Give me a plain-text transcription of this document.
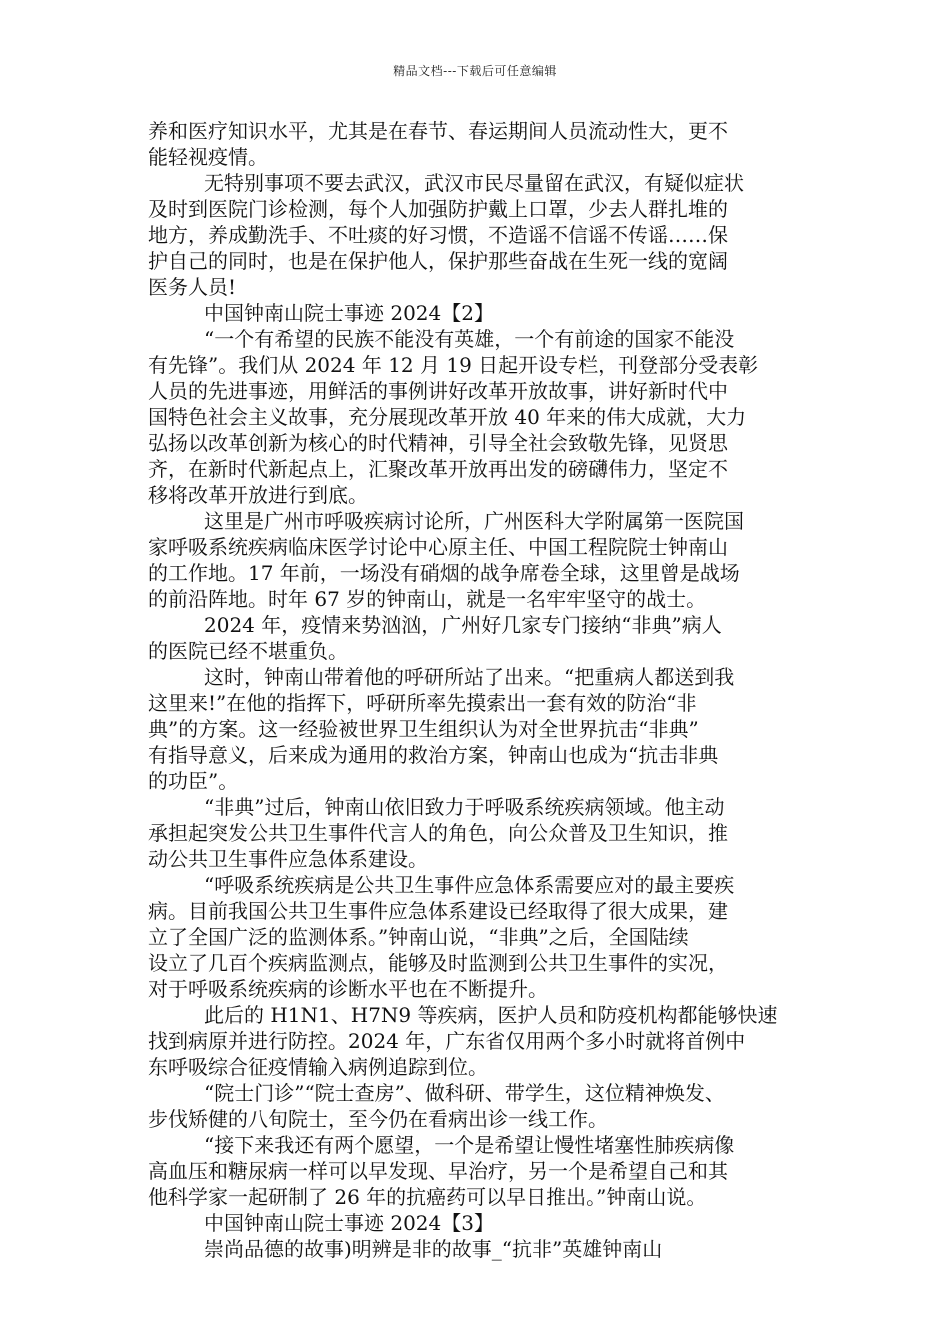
精品文档---下载后可任意编辑
养和医疗知识水平，尤其是在春节、春运期间人员流动性大，更不
能轻视疫情。
无特别事项不要去武汉，武汉市民尽量留在武汉，有疑似症状
及时到医院门诊检测，每个人加强防护戴上口罩，少去人群扎堆的
地方，养成勤洗手、不吐痰的好习惯，不造谣不信谣不传谣……保
护自己的同时，也是在保护他人，保护那些奋战在生死一线的宽阔
医务人员!
中国钟南山院士事迹 2024【2】
“一个有希望的民族不能没有英雄，一个有前途的国家不能没
有先锋”。我们从 2024 年 12 月 19 日起开设专栏，刊登部分受表彰
人员的先进事迹，用鲜活的事例讲好改革开放故事，讲好新时代中
国特色社会主义故事，充分展现改革开放 40 年来的伟大成就，大力
弘扬以改革创新为核心的时代精神，引导全社会致敬先锋，见贤思
齐，在新时代新起点上，汇聚改革开放再出发的磅礴伟力，坚定不
移将改革开放进行到底。
这里是广州市呼吸疾病讨论所，广州医科大学附属第一医院国
家呼吸系统疾病临床医学讨论中心原主任、中国工程院院士钟南山
的工作地。17 年前，一场没有硝烟的战争席卷全球，这里曾是战场
的前沿阵地。时年 67 岁的钟南山，就是一名牢牢坚守的战士。
2024 年，疫情来势汹汹，广州好几家专门接纳“非典”病人
的医院已经不堪重负。
这时，钟南山带着他的呼研所站了出来。“把重病人都送到我
这里来!”在他的指挥下，呼研所率先摸索出一套有效的防治“非
典”的方案。这一经验被世界卫生组织认为对全世界抗击“非典”
有指导意义，后来成为通用的救治方案，钟南山也成为“抗击非典
的功臣”。
“非典”过后，钟南山依旧致力于呼吸系统疾病领域。他主动
承担起突发公共卫生事件代言人的角色，向公众普及卫生知识，推
动公共卫生事件应急体系建设。
“呼吸系统疾病是公共卫生事件应急体系需要应对的最主要疾
病。目前我国公共卫生事件应急体系建设已经取得了很大成果，建
立了全国广泛的监测体系。”钟南山说，“非典”之后，全国陆续
设立了几百个疾病监测点，能够及时监测到公共卫生事件的实况，
对于呼吸系统疾病的诊断水平也在不断提升。
此后的 H1N1、H7N9 等疾病，医护人员和防疫机构都能够快速
找到病原并进行防控。2024 年，广东省仅用两个多小时就将首例中
东呼吸综合征疫情输入病例追踪到位。
“院士门诊”“院士查房”、做科研、带学生，这位精神焕发、
步伐矫健的八旬院士，至今仍在看病出诊一线工作。
“接下来我还有两个愿望，一个是希望让慢性堵塞性肺疾病像
高血压和糖尿病一样可以早发现、早治疗，另一个是希望自己和其
他科学家一起研制了 26 年的抗癌药可以早日推出。”钟南山说。
中国钟南山院士事迹 2024【3】
崇尚品德的故事)明辨是非的故事_“抗非”英雄钟南山
